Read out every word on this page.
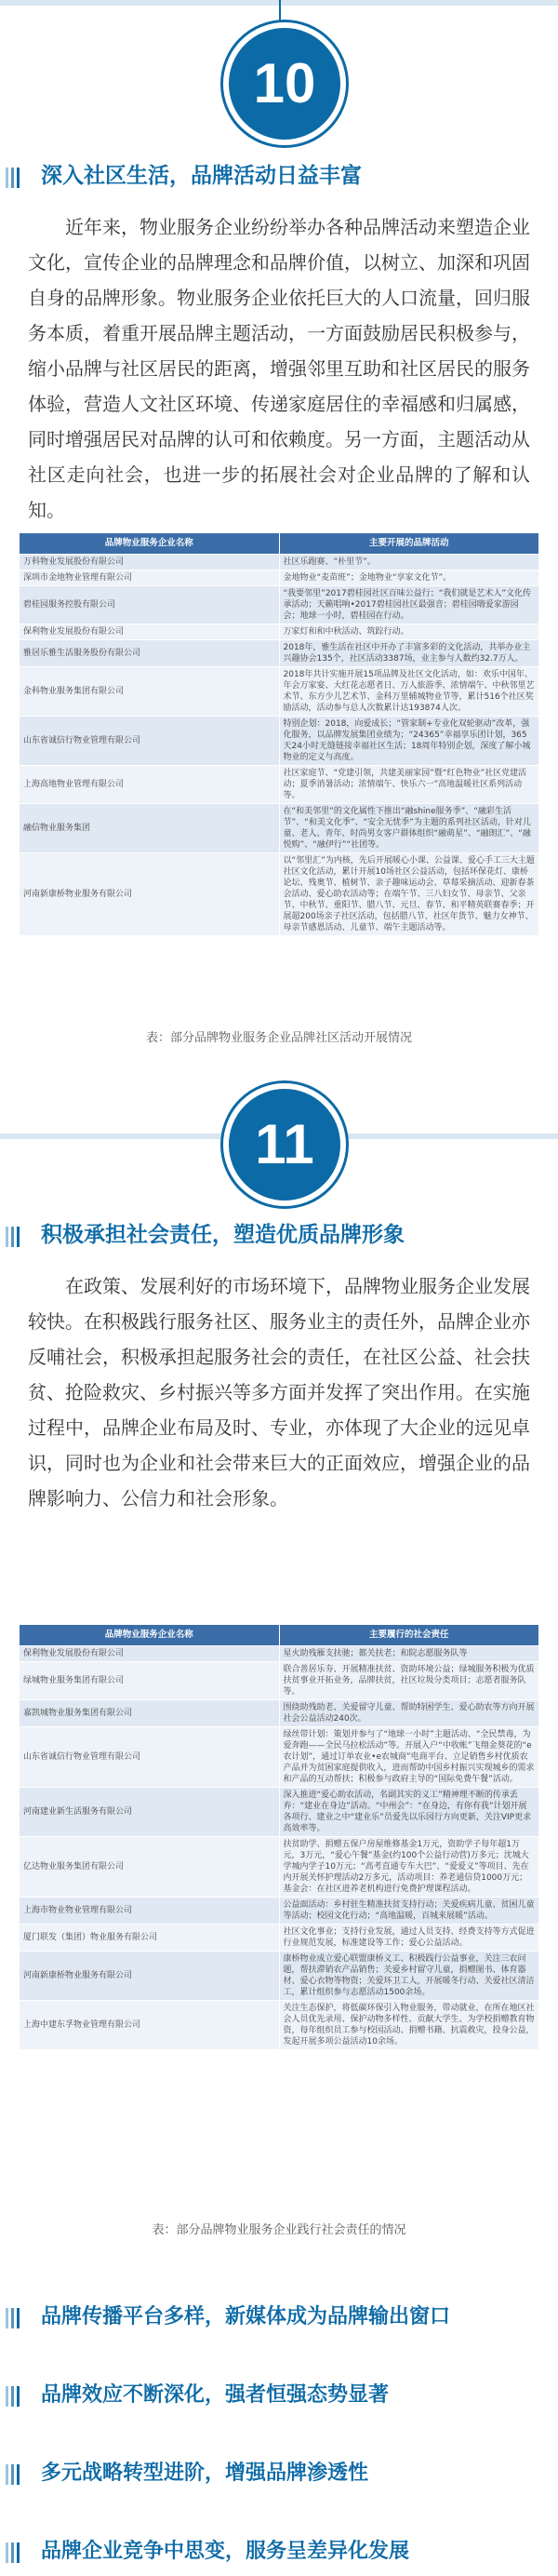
10
深入社区生活，品牌活动日益丰富
近年来，物业服务企业纷纷举办各种品牌活动来塑造企业文化，宣传企业的品牌理念和品牌价值，以树立、加深和巩固自身的品牌形象。物业服务企业依托巨大的人口流量，回归服务本质，着重开展品牌主题活动，一方面鼓励居民积极参与，缩小品牌与社区居民的距离，增强邻里互助和社区居民的服务体验，营造人文社区环境、传递家庭居住的幸福感和归属感，同时增强居民对品牌的认可和依赖度。另一方面，主题活动从社区走向社会，也进一步的拓展社会对企业品牌的了解和认知。
品牌物业服务企业名称	主要开展的品牌活动
万科物业发展股份有限公司	社区乐跑赛、“朴里节”。
深圳市金地物业管理有限公司	金地物业“麦苗班”；金地物业“享家文化节”。
碧桂园服务控股有限公司	“我要邻里”2017碧桂园社区百味公益行；“我们就是艺术人”文化传承活动；天籁唱响•2017碧桂园社区最强音；碧桂园嗨爱家游园会；地球一小时，碧桂园在行动。
保利物业发展股份有限公司	万家灯和和中秋活动、筑踪行动。
雅居乐雅生活服务股份有限公司	2018年，雅生活在社区中开办了丰富多彩的文化活动，共举办业主兴趣协会135个，社区活动3387场，业主参与人数约32.7万人。
金科物业服务集团有限公司	2018年共计实施开展15项品牌及社区文化活动，如：欢乐中国年、年会万家宴、大红花志愿者日、万人旅游季、浓情端午、中秋邻里艺术节、东方少儿艺术节、金科万里辅城物业节等，累计516个社区奖励活动，活动参与总人次数累计达193874人次。
山东省诚信行物业管理有限公司	特别企划：2018，向爱成长；“管家制+专业化双轮驱动”改革，强化服务，以品牌发展集团业绩为；“24365”幸福享乐团计划，365天24小时无缝链接幸福社区生活；18周年特别企划，深度了解小城物业的定义与高度。
上海高地物业管理有限公司	社区家庭节、“党建引领，共建美丽家园”暨“红色物业”社区党建活动；夏季消暑活动；浓情端午、快乐六一”高地温暖社区系列活动等。
融信物业服务集团	在“和美邻里”的文化属性下推出“融shine服务季”、“融彩生活节”、“和美文化季”、“安全无忧季”为主题的系列社区活动，针对儿童、老人、青年、时尚男女客户群体组织“融萌星”、“融朗汇”、“融悦购”、“融伊行”“社团等。
河南新康桥物业服务有限公司	以“邻里汇”为内核，先后开展暖心小课、公益课、爱心手工三大主题社区文化活动，累计开展10场社区公益活动，包括环保花灯、康桥论坛、残奥节、植树节、亲子趣味运动会、草莓采摘活动、迎新春茶会活动、爱心助农活动等；在端午节、三八妇女节、母亲节、父亲节、中秋节、重阳节、腊八节、元旦、春节、和平精英联赛春季；开展超200场亲子社区活动，包括腊八节、社区年货节、魅力女神节、母亲节感恩活动、儿童节、端午主题活动等。
表：部分品牌物业服务企业品牌社区活动开展情况
11
积极承担社会责任，塑造优质品牌形象
在政策、发展利好的市场环境下，品牌物业服务企业发展较快。在积极践行服务社区、服务业主的责任外，品牌企业亦反哺社会，积极承担起服务社会的责任，在社区公益、社会扶贫、抢险救灾、乡村振兴等多方面并发挥了突出作用。在实施过程中，品牌企业布局及时、专业，亦体现了大企业的远见卓识，同时也为企业和社会带来巨大的正面效应，增强企业的品牌影响力、公信力和社会形象。
品牌物业服务企业名称	主要履行的社会责任
保利物业发展股份有限公司	星火助残雁支扶驰；都关扶老；和院志愿服务队等
绿城物业服务集团有限公司	联合善居乐夯、开展精准扶贫、资助环境公益；绿城服务积极为优质扶贫事业开拓业务，品牌扶贫，社区垃圾分类项目；志愿者服务队等。
嘉凯城物业服务集团有限公司	围绕助残助老、关爱留守儿童、帮助特困学生、爱心助农等方向开展社会公益活动240次。
山东省诚信行物业管理有限公司	绿丝带计划：策划并参与了“地球一小时”主题活动、“全民禁毒，为爱奔跑——全民马拉松活动”等。开展入户“中收帐”飞翔金葵花的“e农计划”，通过订单农业•e农城商”电商平台、立足销售乡村优质农产品并为贫困家庭提供收入，进而帮助中国乡村振兴实现城乡的需求和产品的互动帮扶；积极参与政府主导的“国际免费午餐”活动。
河南建业新生活服务有限公司	深入推进“爱心助农活动，名副其实的义工”精神理不断的传承丢弃：“建业在身边”活动。“中州会”：“在身边，有你有我”计划开展各项行、建业之中“建业乐”员爱先以乐园行方向更新，关注VIP更求高效率等。
亿达物业服务集团有限公司	扶贫助学、捐赠五保户房屋维修基金1万元，资助学子每年超1万元，3万元，“爱心午餐”基金(约100个公益行动营)万多元；沈城大学城内学子10万元；“高考直通专车大巴”、“爱爱义”等项目、先在内开展关怀护理活动2万多元，活动项目：养老通信贷1000万元；基金会：在社区进养老机构进行免费护理课程活动。
上海市物业物业管理有限公司	公益面活动：乡村驻生精准扶贫支持行动；关爱疾病儿童、贫困儿童等活动；校园文化行动；“高地温暖，百城来展暖”活动。
厦门联发（集团）物业服务有限公司	社区文化事业；支持行业发展，通过人员支持、经费支持等方式促进行业规范发展，标准建设等工作；爱心公益活动。
河南新康桥物业服务有限公司	康桥物业成立爱心联盟康桥义工、积极践行公益事业，关注三农问题，帮扶滞销农产品销售；关爱乡村留守儿童，捐赠图书、体育器材、爱心衣物等物资；关爱环卫工人，开展暖冬行动、关爱社区清洁工，累计组织参与志愿活动1500余场。
上海中建东孚物业管理有限公司	关注生态保护，将低碳环保引入物业服务，带动就业，在所在地区社会人员优先录用、保护动物多样性、贡献大学生、为学校捐赠教育物资，每年组织员工参与校园活动、捐赠书籍、抗震救灾，投身公益，发起开展多项公益活动10余场。
表：部分品牌物业服务企业践行社会责任的情况
品牌传播平台多样，新媒体成为品牌输出窗口
品牌效应不断深化，强者恒强态势显著
多元战略转型进阶，增强品牌渗透性
品牌企业竞争中思变，服务呈差异化发展
